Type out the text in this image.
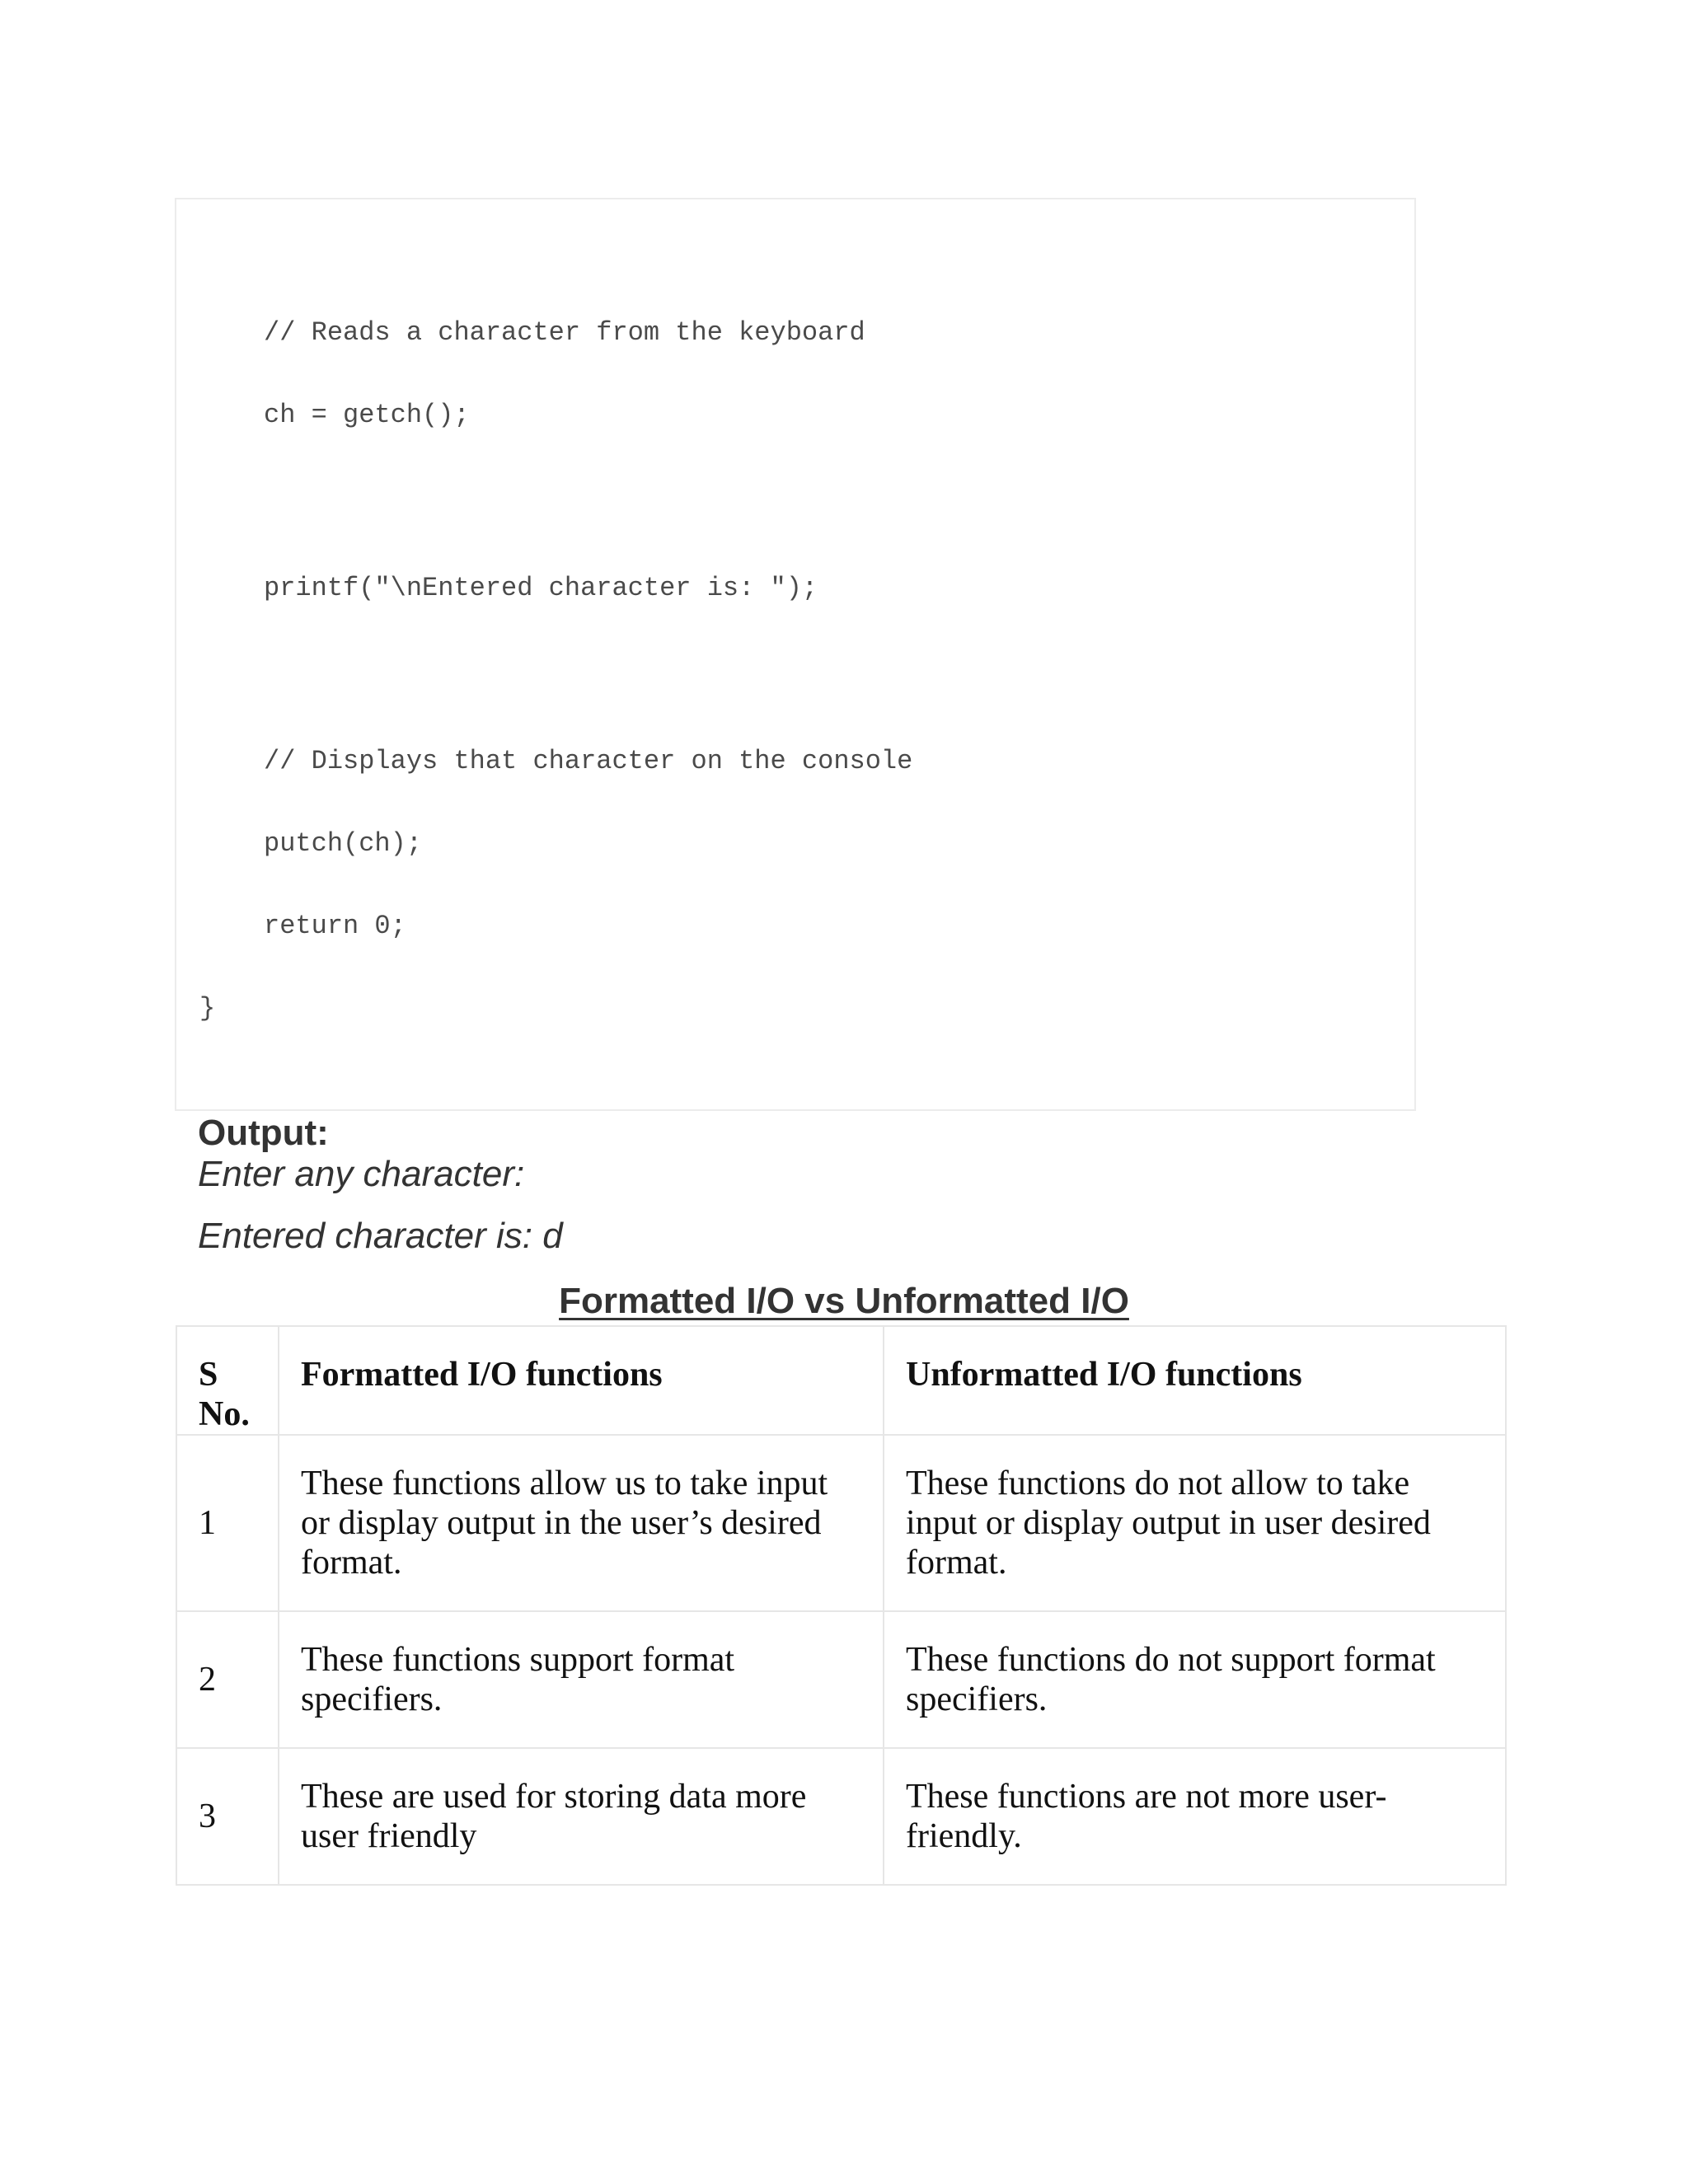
// Reads a character from the keyboard
ch = getch();
printf("\nEntered character is: ");
// Displays that character on the console
putch(ch);
return 0;
}
Output:
Enter any character:
Entered character is: d
Formatted I/O vs Unformatted I/O
S No.	Formatted I/O functions	Unformatted I/O functions
1	These functions allow us to take input or display output in the user’s desired format.	These functions do not allow to take input or display output in user desired format.
2	These functions support format specifiers.	These functions do not support format specifiers.
3	These are used for storing data more user friendly	These functions are not more user-friendly.
